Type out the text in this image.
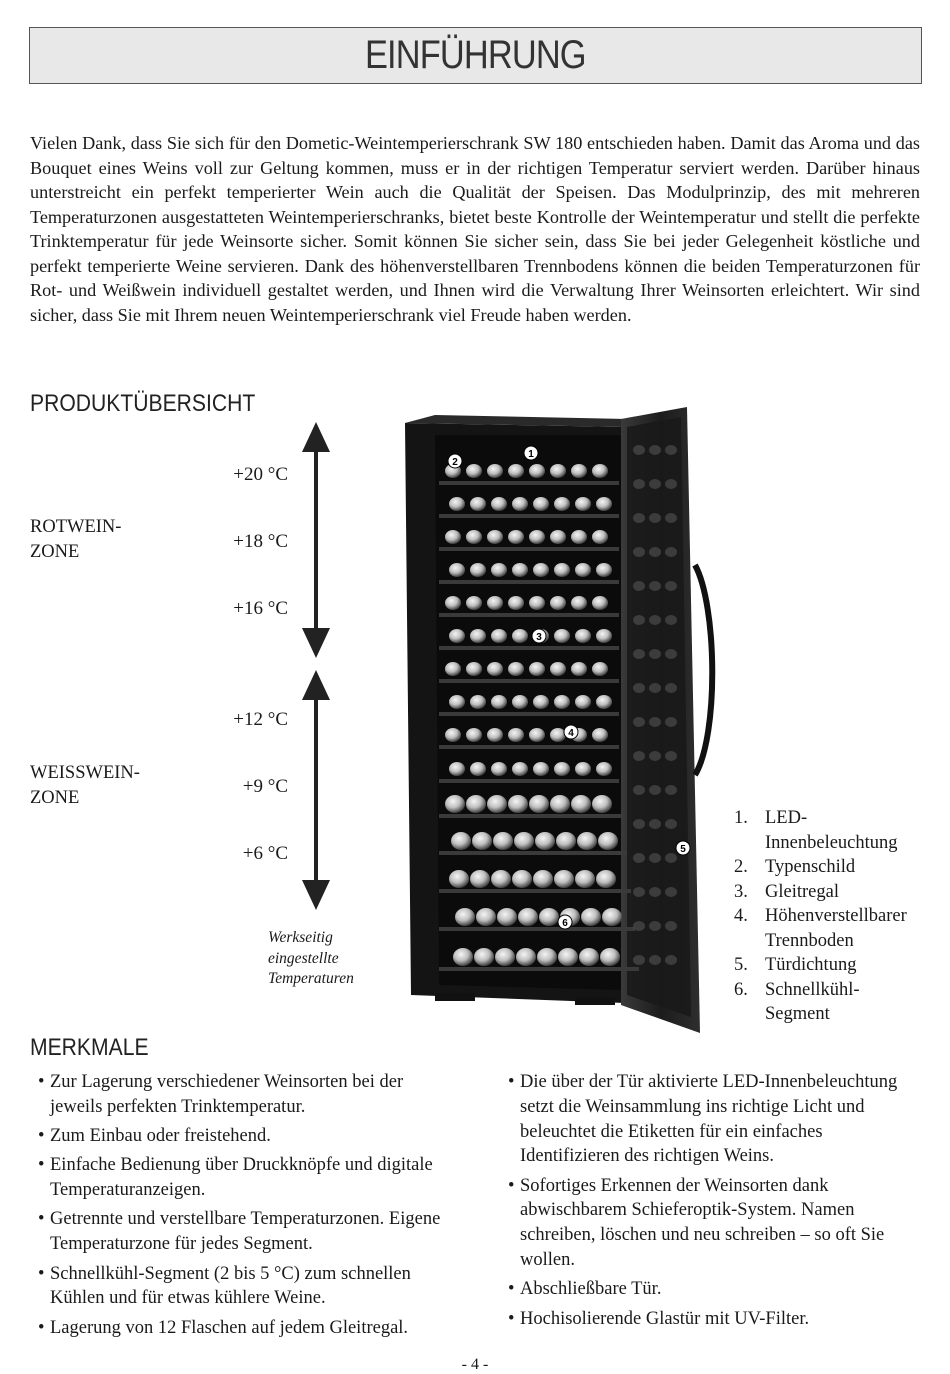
EINFÜHRUNG

Vielen Dank, dass Sie sich für den Dometic-Weintemperierschrank SW 180 entschieden haben. Damit das Aroma und das Bouquet eines Weins voll zur Geltung kommen, muss er in der richtigen Temperatur serviert werden. Darüber hinaus unterstreicht ein perfekt temperierter Wein auch die Qualität der Speisen. Das Modulprinzip, des mit mehreren Temperaturzonen ausgestatteten Weintemperierschranks, bietet beste Kontrolle der Weintemperatur und stellt die perfekte Trinktemperatur für jede Weinsorte sicher. Somit können Sie sicher sein, dass Sie bei jeder Gelegenheit köstliche und perfekt temperierte Weine servieren. Dank des höhenverstellbaren Trennbodens können die beiden Temperaturzonen für Rot- und Weißwein individuell gestaltet werden, und Ihnen wird die Verwaltung Ihrer Weinsorten erleichtert. Wir sind sicher, dass Sie mit Ihrem neuen Weintemperierschrank viel Freude haben werden.

PRODUKTÜBERSICHT
ROTWEIN-
ZONE
WEISSWEIN-
ZONE
+20 °C
+18 °C
+16 °C
+12 °C
+9 °C
+6 °C
Werkseitig
eingestellte
Temperaturen
1
2
3
4
5
6
1. LED-
Innenbeleuchtung
2. Typenschild
3. Gleitregal
4. Höhenverstellbarer
Trennboden
5. Türdichtung
6. Schnellkühl-
Segment
MERKMALE
• Zur Lagerung verschiedener Weinsorten bei der jeweils perfekten Trinktemperatur.
• Zum Einbau oder freistehend.
• Einfache Bedienung über Druckknöpfe und digitale Temperaturanzeigen.
• Getrennte und verstellbare Temperaturzonen. Eigene Temperaturzone für jedes Segment.
• Schnellkühl-Segment (2 bis 5 °C) zum schnellen Kühlen und für etwas kühlere Weine.
• Lagerung von 12 Flaschen auf jedem Gleitregal.
• Die über der Tür aktivierte LED-Innenbeleuchtung setzt die Weinsammlung ins richtige Licht und beleuchtet die Etiketten für ein einfaches Identifizieren des richtigen Weins.
• Sofortiges Erkennen der Weinsorten dank abwischbarem Schieferoptik-System. Namen schreiben, löschen und neu schreiben – so oft Sie wollen.
• Abschließbare Tür.
• Hochisolierende Glastür mit UV-Filter.
- 4 -
